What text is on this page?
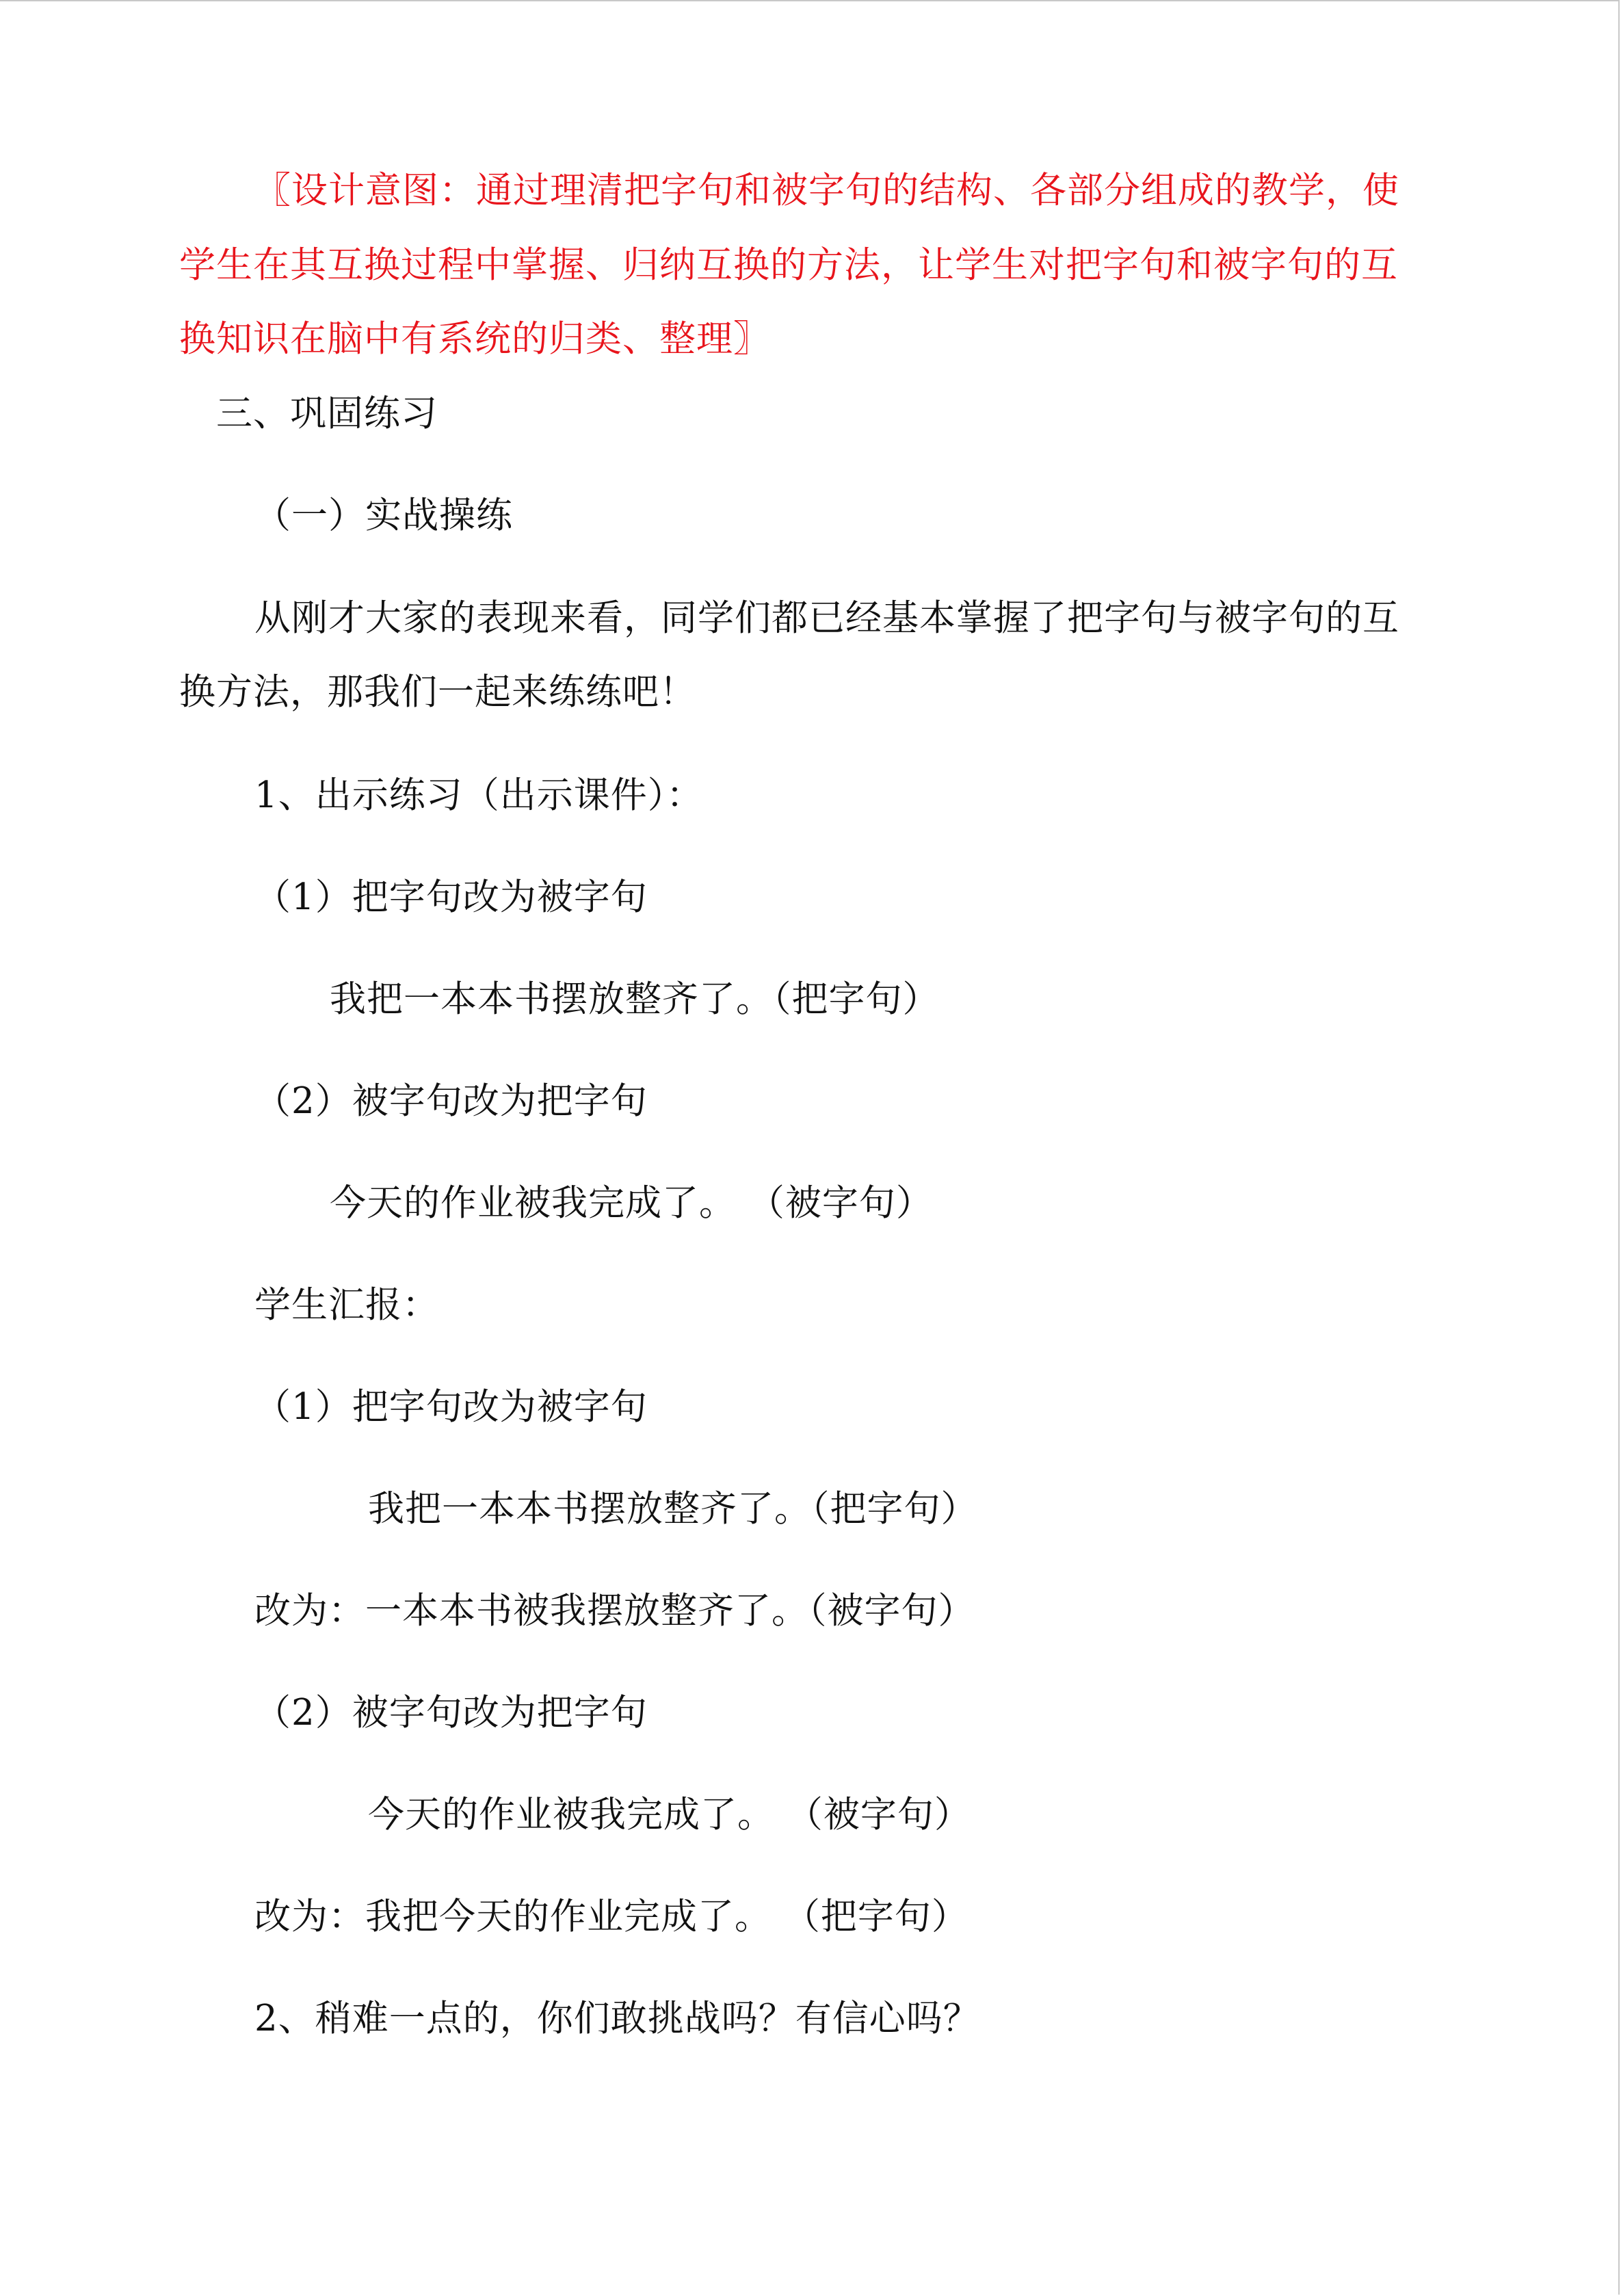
〖设计意图：通过理清把字句和被字句的结构、各部分组成的教学，使
学生在其互换过程中掌握、归纳互换的方法，让学生对把字句和被字句的互
换知识在脑中有系统的归类、整理〗
三、巩固练习
（一）实战操练
从刚才大家的表现来看，同学们都已经基本掌握了把字句与被字句的互
换方法，那我们一起来练练吧！
1、出示练习（出示课件）：
（1）把字句改为被字句
我把一本本书摆放整齐了。（把字句）
（2）被字句改为把字句
今天的作业被我完成了。 （被字句）
学生汇报：
（1）把字句改为被字句
我把一本本书摆放整齐了。（把字句）
改为：一本本书被我摆放整齐了。（被字句）
（2）被字句改为把字句
今天的作业被我完成了。 （被字句）
改为：我把今天的作业完成了。 （把字句）
2、稍难一点的，你们敢挑战吗？有信心吗？
